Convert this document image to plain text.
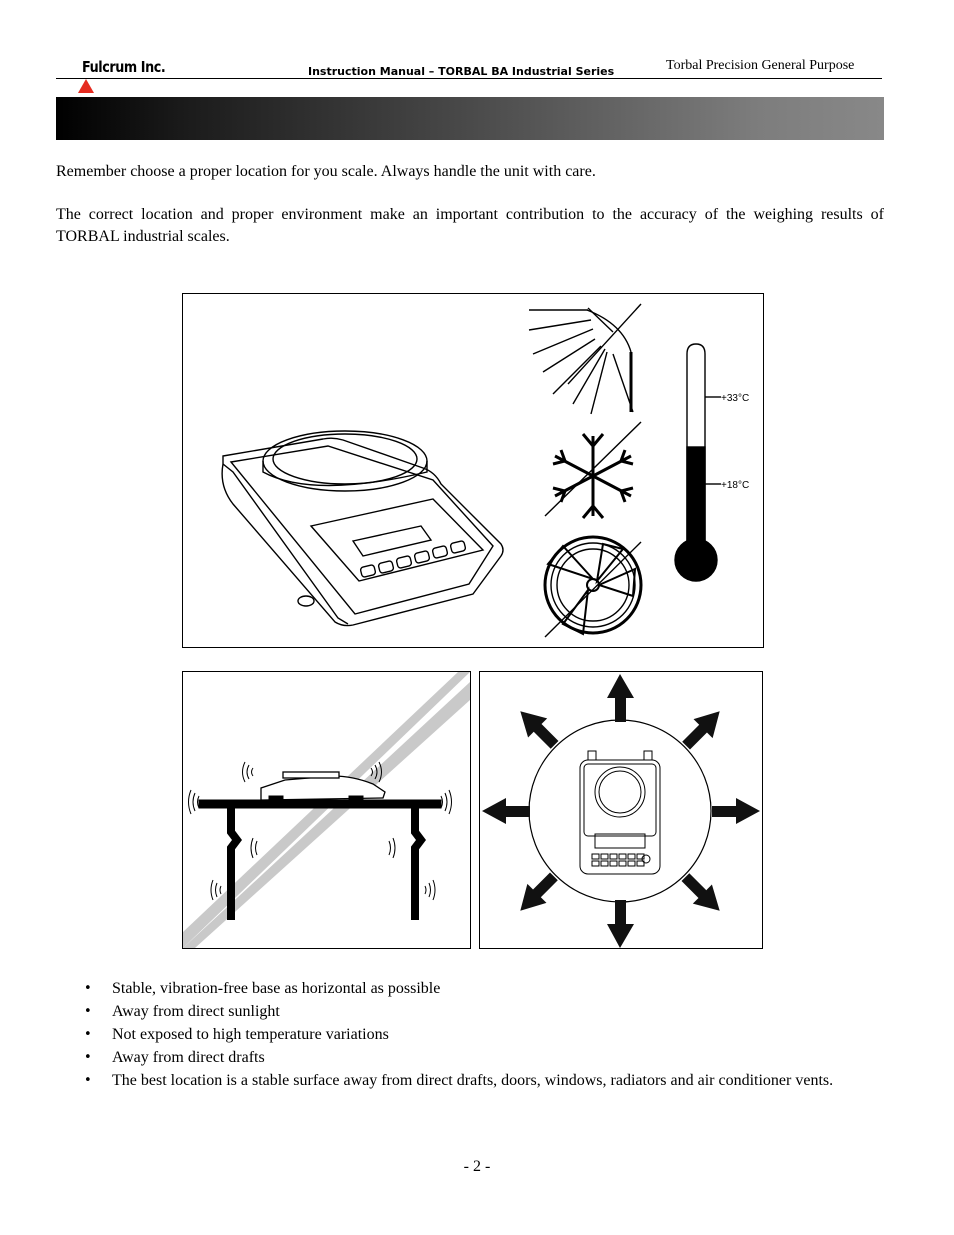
Fulcrum Inc.	Instruction Manual – TORBAL BA Industrial Series	Torbal Precision General Purpose
Remember choose a proper location for you scale. Always handle the unit with care.
The correct location and proper environment make an important contribution to the accuracy of the weighing results of TORBAL industrial scales.
+33°C
+18°C
• Stable, vibration-free base as horizontal as possible
• Away from direct sunlight
• Not exposed to high temperature variations
• Away from direct drafts
• The best location is a stable surface away from direct drafts, doors, windows, radiators and air conditioner vents.
- 2 -
